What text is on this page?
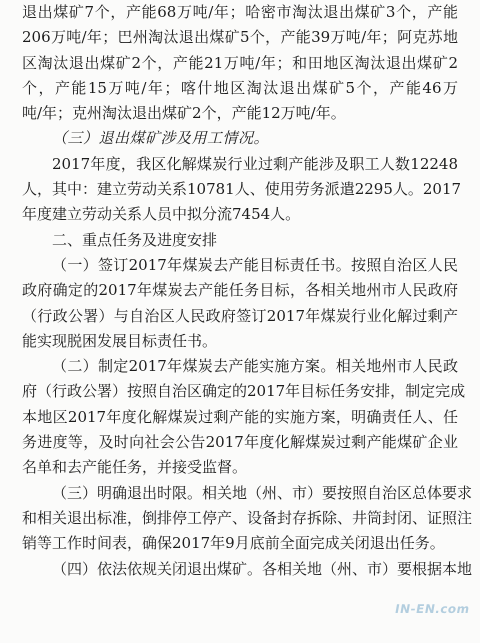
退出煤矿7个，产能68万吨/年；哈密市淘汰退出煤矿3个，产能
206万吨/年；巴州淘汰退出煤矿5个，产能39万吨/年；阿克苏地
区淘汰退出煤矿2个，产能21万吨/年；和田地区淘汰退出煤矿2
个，产能15万吨/年；喀什地区淘汰退出煤矿5个，产能46万
吨/年；克州淘汰退出煤矿2个，产能12万吨/年。
（三）退出煤矿涉及用工情况。
2017年度，我区化解煤炭行业过剩产能涉及职工人数12248
人，其中：建立劳动关系10781人、使用劳务派遣2295人。2017
年度建立劳动关系人员中拟分流7454人。
二、重点任务及进度安排
（一）签订2017年煤炭去产能目标责任书。按照自治区人民
政府确定的2017年煤炭去产能任务目标，各相关地州市人民政府
（行政公署）与自治区人民政府签订2017年煤炭行业化解过剩产
能实现脱困发展目标责任书。
（二）制定2017年煤炭去产能实施方案。相关地州市人民政
府（行政公署）按照自治区确定的2017年目标任务安排，制定完成
本地区2017年度化解煤炭过剩产能的实施方案，明确责任人、任
务进度等，及时向社会公告2017年度化解煤炭过剩产能煤矿企业
名单和去产能任务，并接受监督。
（三）明确退出时限。相关地（州、市）要按照自治区总体要求
和相关退出标准，倒排停工停产、设备封存拆除、井筒封闭、证照注
销等工作时间表，确保2017年9月底前全面完成关闭退出任务。
（四）依法依规关闭退出煤矿。各相关地（州、市）要根据本地
IN-EN.com
